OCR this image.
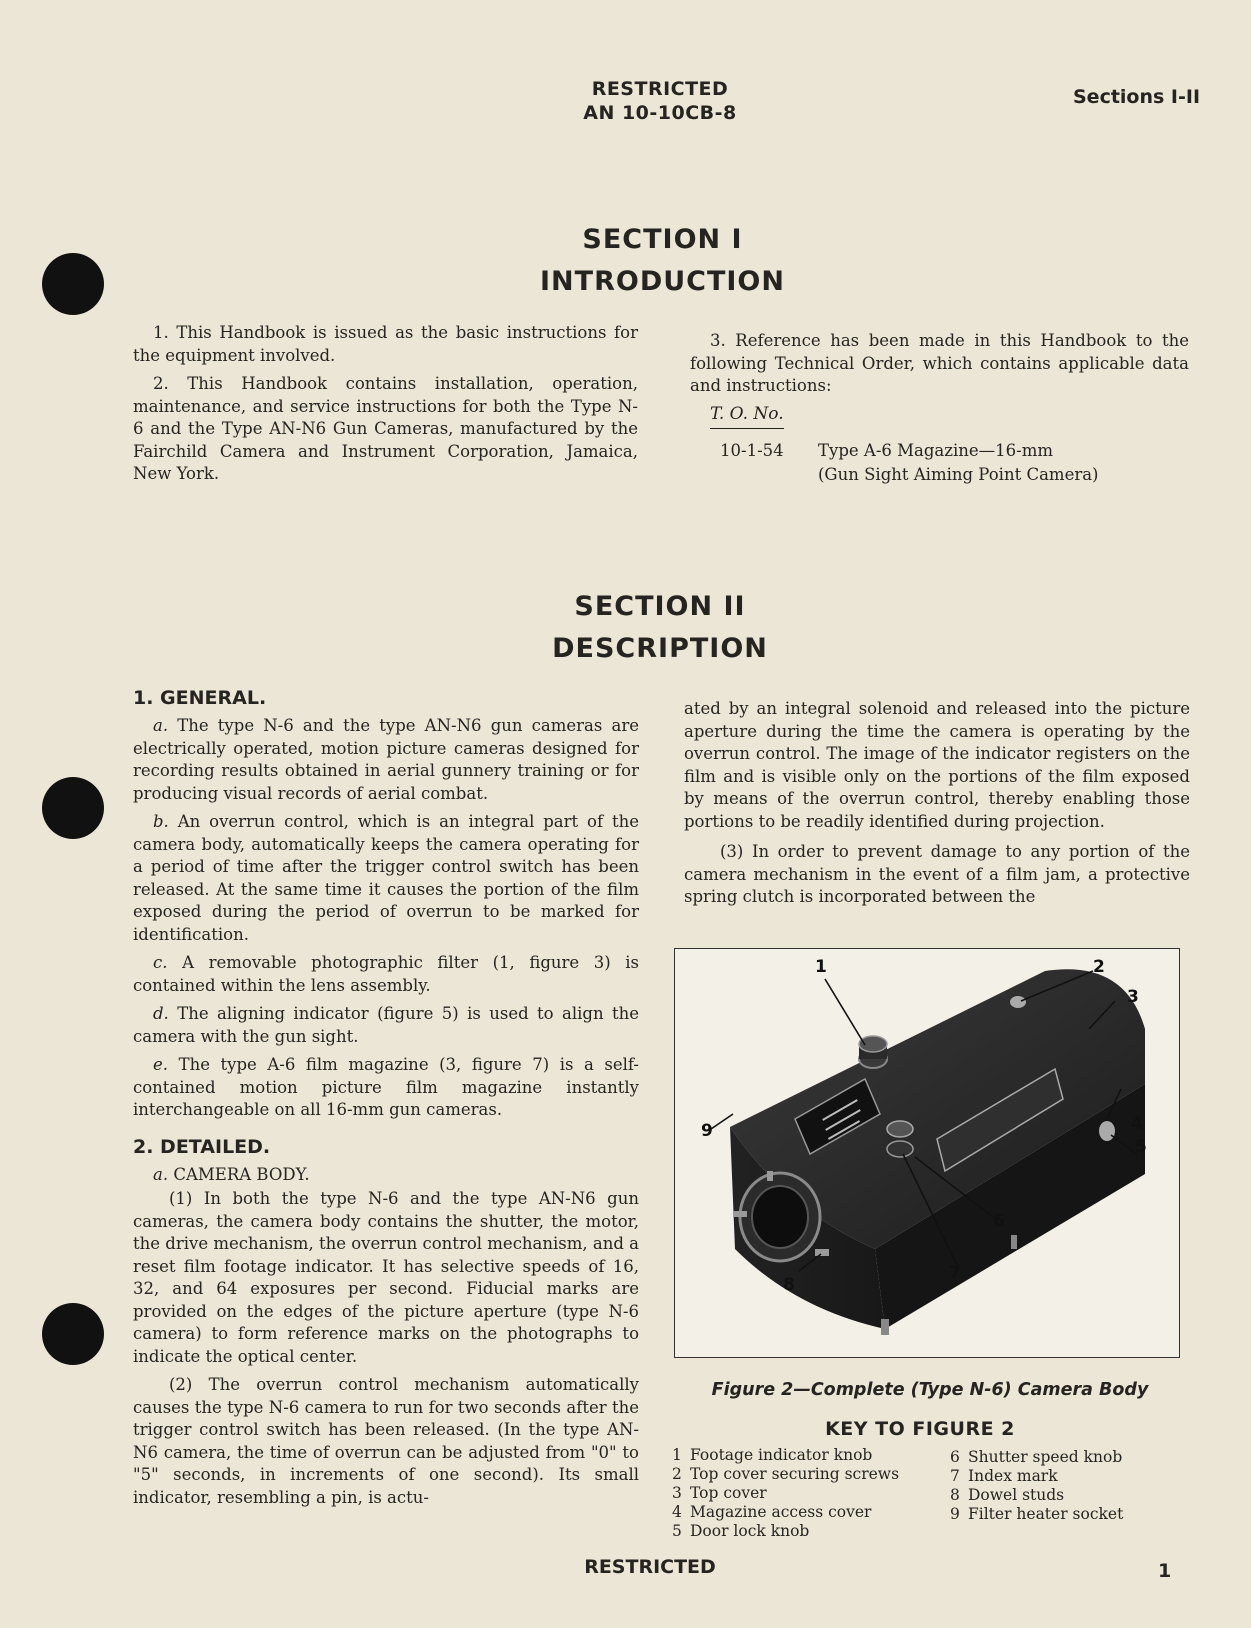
RESTRICTED
AN 10-10CB-8
Sections I-II
SECTION I
INTRODUCTION

1. This Handbook is issued as the basic instructions for the equipment involved.

2. This Handbook contains installation, operation, maintenance, and service instructions for both the Type N-6 and the Type AN-N6 Gun Cameras, manufactured by the Fairchild Camera and Instrument Corporation, Jamaica, New York.

3. Reference has been made in this Handbook to the following Technical Order, which contains applicable data and instructions:

T. O. No.
10-1-54	Type A-6 Magazine—16-mm
(Gun Sight Aiming Point Camera)
SECTION II
DESCRIPTION
1. GENERAL.

a. The type N-6 and the type AN-N6 gun cameras are electrically operated, motion picture cameras designed for recording results obtained in aerial gunnery training or for producing visual records of aerial combat.

b. An overrun control, which is an integral part of the camera body, automatically keeps the camera operating for a period of time after the trigger control switch has been released. At the same time it causes the portion of the film exposed during the period of overrun to be marked for identification.

c. A removable photographic filter (1, figure 3) is contained within the lens assembly.

d. The aligning indicator (figure 5) is used to align the camera with the gun sight.

e. The type A-6 film magazine (3, figure 7) is a self-contained motion picture film magazine instantly interchangeable on all 16-mm gun cameras.

2. DETAILED.

a. CAMERA BODY.

(1) In both the type N-6 and the type AN-N6 gun cameras, the camera body contains the shutter, the motor, the drive mechanism, the overrun control mechanism, and a reset film footage indicator. It has selective speeds of 16, 32, and 64 exposures per second. Fiducial marks are provided on the edges of the picture aperture (type N-6 camera) to form reference marks on the photographs to indicate the optical center.

(2) The overrun control mechanism automatically causes the type N-6 camera to run for two seconds after the trigger control switch has been released. (In the type AN-N6 camera, the time of overrun can be adjusted from "0" to "5" seconds, in increments of one second). Its small indicator, resembling a pin, is actu-

ated by an integral solenoid and released into the picture aperture during the time the camera is operating by the overrun control. The image of the indicator registers on the film and is visible only on the portions of the film exposed by means of the overrun control, thereby enabling those portions to be readily identified during projection.

(3) In order to prevent damage to any portion of the camera mechanism in the event of a film jam, a protective spring clutch is incorporated between the

1	2
3
4
5
6
7
8
9
Figure 2—Complete (Type N-6) Camera Body
KEY TO FIGURE 2
1 Footage indicator knob
2 Top cover securing screws
3 Top cover
4 Magazine access cover
5 Door lock knob
6 Shutter speed knob
7 Index mark
8 Dowel studs
9 Filter heater socket
RESTRICTED	1
